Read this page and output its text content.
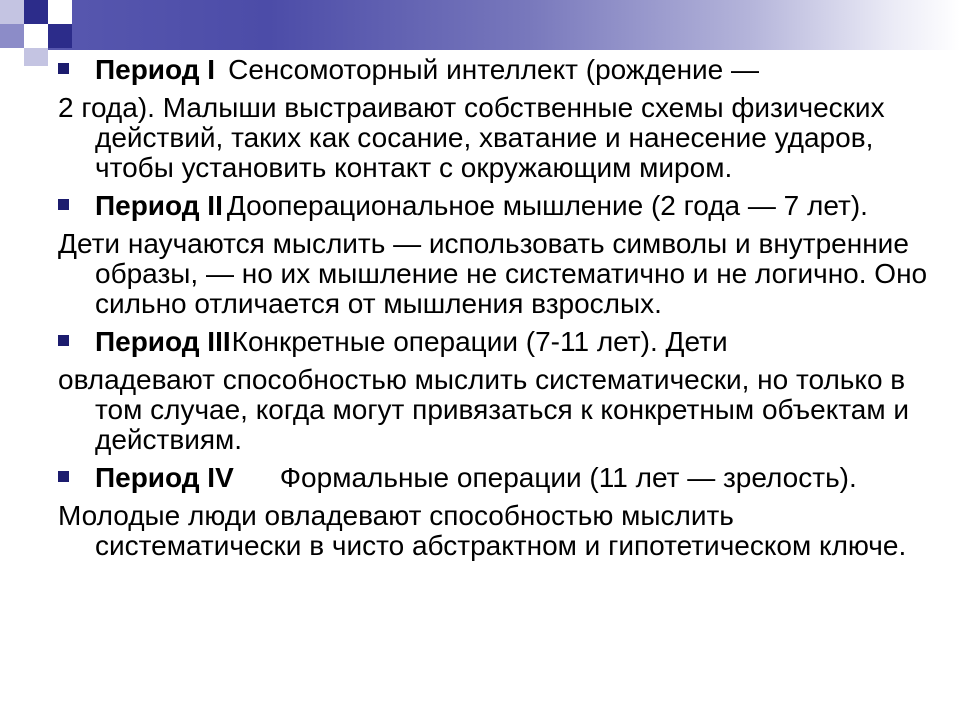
Период I Сенсомоторный интеллект (рождение —

2 года). Малыши выстраивают собственные схемы физических действий, таких как сосание, хватание и нанесение ударов, чтобы установить контакт с окружающим миром.

Период II Дооперациональное мышление (2 года — 7 лет).

Дети научаются мыслить — использовать символы и внутренние образы, — но их мышление не систематично и не логично. Оно сильно отличается от мышления взрослых.

Период IIIКонкретные операции (7-11 лет). Дети

овладевают способностью мыслить систематически, но только в том случае, когда могут привязаться к конкретным объектам и действиям.

Период IV Формальные операции (11 лет — зрелость).

Молодые люди овладевают способностью мыслить систематически в чисто абстрактном и гипотетическом ключе.
